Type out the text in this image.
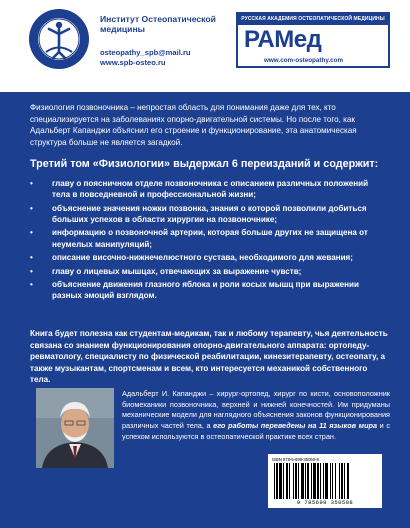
Институт Остеопатической медицины
osteopathy_spb@mail.ru
www.spb-osteo.ru
РУССКАЯ АКАДЕМИЯ ОСТЕОПАТИЧЕСКОЙ МЕДИЦИНЫ
РАМед
www.com-osteopathy.com
Физиология позвоночника – непростая область для понимания даже для тех, кто специализируется на заболеваниях опорно-двигательной системы. Но после того, как Адальберт Капанджи объяснил его строение и функционирование, эта анатомическая структура больше не является загадкой.
Третий том «Физиологии» выдержал 6 переизданий и содержит:
• главу о поясничном отделе позвоночника с описанием различных положений тела в повседневной и профессиональной жизни;
• объяснение значения ножки позвонка, знания о которой позволили добиться больших успехов в области хирургии на позвоночнике;
• информацию о позвоночной артерии, которая больше других не защищена от неумелых манипуляций;
• описание височно-нижнечелюстного сустава, необходимого для жевания;
• главу о лицевых мышцах, отвечающих за выражение чувств;
• объяснение движения глазного яблока и роли косых мышц при выражении разных эмоций взглядом.
Книга будет полезна как студентам-медикам, так и любому терапевту, чья деятельность связана со знанием функционирования опорно-двигательного аппарата: ортопеду-ревматологу, специалисту по физической реабилитации, кинезитерапевту, остеопату, а также музыкантам, спортсменам и всем, кто интересуется механикой собственного тела.
Адальберт И. Капанджи – хирург-ортопед, хирург по кисти, основоположник биомеханики позвоночника, верхней и нижней конечностей. Им придуманы механические модели для наглядного объяснения законов функционирования различных частей тела, а его работы переведены на 11 языков мира и с успехом используются в остеопатической практике всех стран.
ISBN 978-5-699-35050-8
9 785699 350508
